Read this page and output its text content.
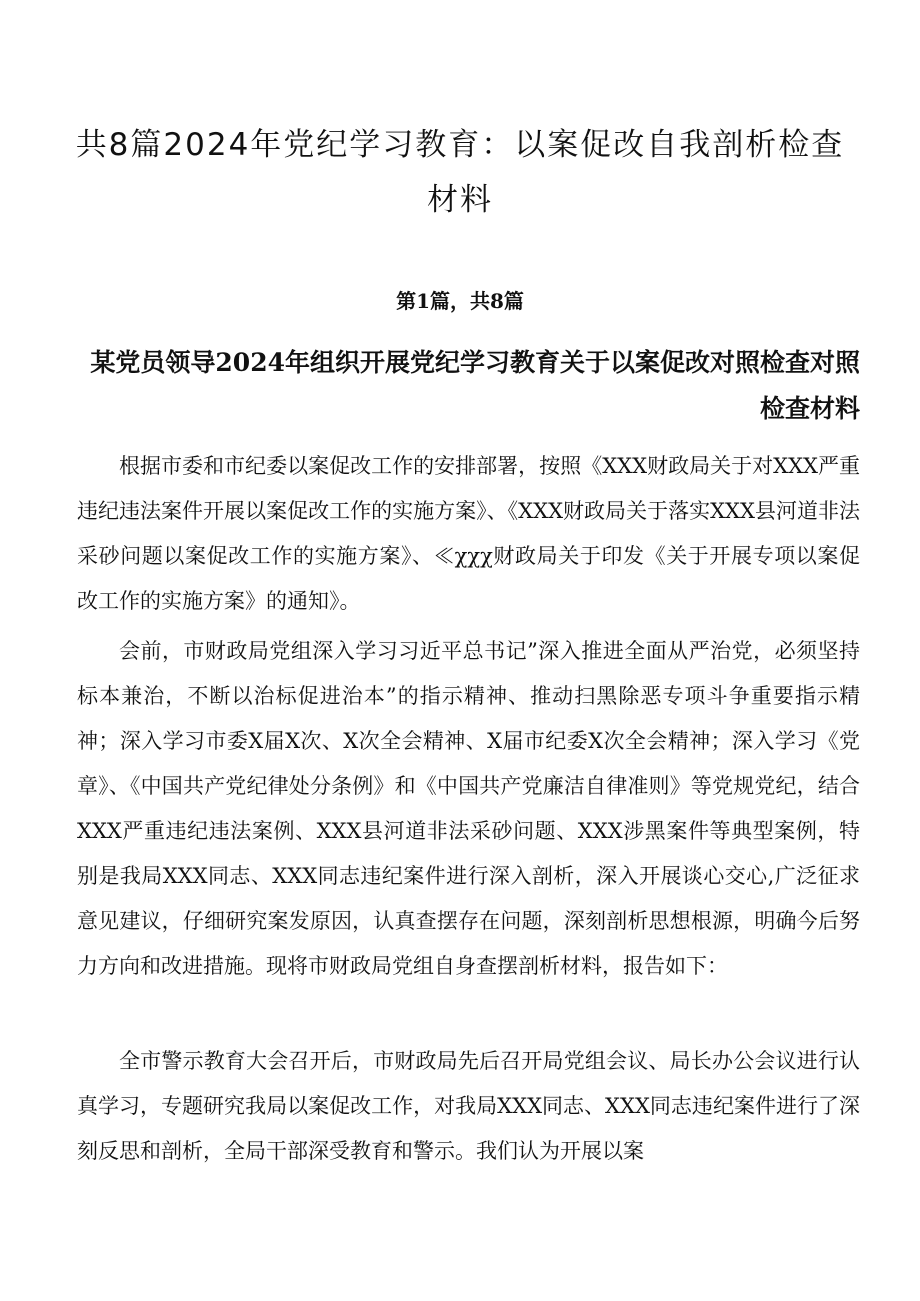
共8篇2024年党纪学习教育：以案促改自我剖析检查材料

第1篇，共8篇

某党员领导2024年组织开展党纪学习教育关于以案促改对照检查对照检查材料

根据市委和市纪委以案促改工作的安排部署，按照《XXX财政局关于对XXX严重违纪违法案件开展以案促改工作的实施方案》、《XXX财政局关于落实XXX县河道非法采砂问题以案促改工作的实施方案》、≪χχχ财政局关于印发《关于开展专项以案促改工作的实施方案》的通知》。

会前，市财政局党组深入学习习近平总书记”深入推进全面从严治党，必须坚持标本兼治，不断以治标促进治本”的指示精神、推动扫黑除恶专项斗争重要指示精神；深入学习市委X届X次、X次全会精神、X届市纪委X次全会精神；深入学习《党章》、《中国共产党纪律处分条例》和《中国共产党廉洁自律准则》等党规党纪，结合XXX严重违纪违法案例、XXX县河道非法采砂问题、XXX涉黑案件等典型案例，特别是我局XXX同志、XXX同志违纪案件进行深入剖析，深入开展谈心交心,广泛征求意见建议，仔细研究案发原因，认真查摆存在问题，深刻剖析思想根源，明确今后努力方向和改进措施。现将市财政局党组自身查摆剖析材料，报告如下：

全市警示教育大会召开后，市财政局先后召开局党组会议、局长办公会议进行认真学习，专题研究我局以案促改工作，对我局XXX同志、XXX同志违纪案件进行了深刻反思和剖析，全局干部深受教育和警示。我们认为开展以案
